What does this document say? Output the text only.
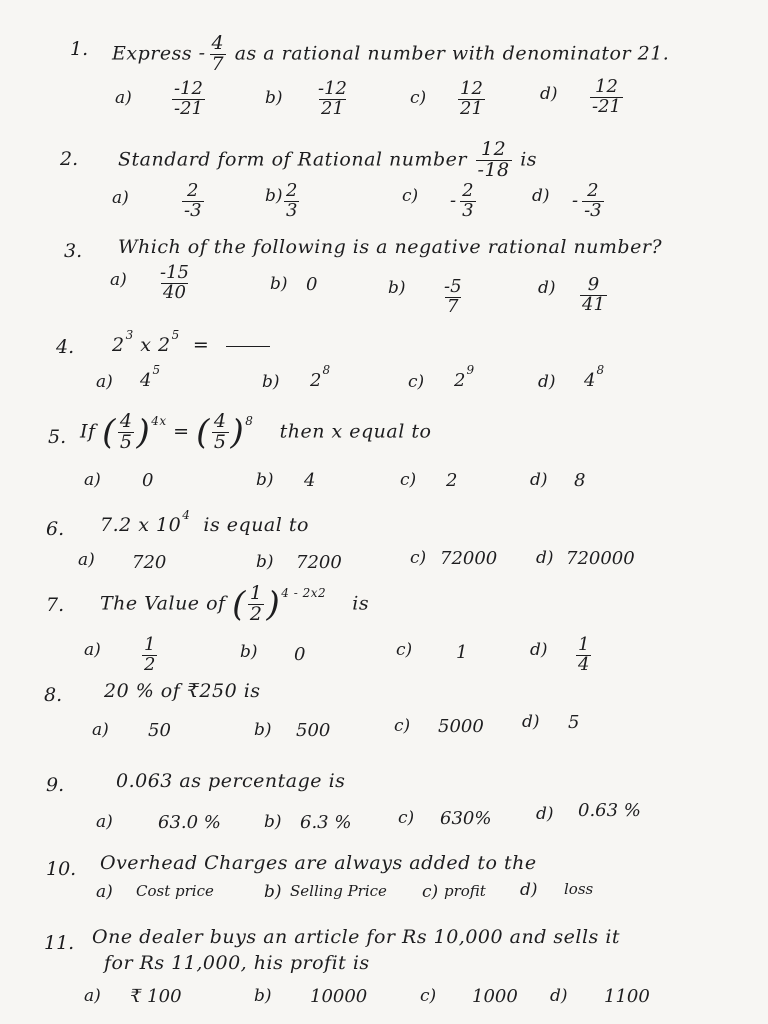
1. Express - $\frac{4}{7}$ as a rational number with denominator 21.
$a) \frac{-12}{-21}$	$b) \frac{-12}{21}$	$c) \frac{12}{21}$	$d) \frac{12}{-21}$
2. Standard form of Rational number $\frac{12}{-18}$ is
a)	$\frac{2}{-3}$	$b) \frac{2}{3}$	$c) - \frac{2}{3}$	$d) - \frac{2}{-3}$
3. Which of the following is a negative rational number?
$a) \frac{-15}{40}$	b) 0	$b) \frac{-5}{7}$	$d) \frac{9}{41}$
4. $2^3$ x $2^5$ =
a) $4^5$
b) $2^8$
c) $2^9$
d) $4^8$
5. If ( $\frac{4}{5} )^{4x}$ = ( $\frac{4}{5} )^8$ then x equal to
a) 0	b) 4	c) 2	d) 8
6. 7.2 x $10^4$ is equal to
a) 720	b) 7200	c) 72000 d) 720000
7. The Value of ( $\frac{1}{2} )^{4 - 2x2}$ is
$a) \frac{1}{2}$	b) 0	c) 1	$d) \frac{1}{4}$
8. 20 % of ₹250 is
a) 50	b) 500	c) 5000 d) 5
9.	0.063 as percentage is
a)	63.0 %	b) 6.3 %	c) 630%	d) 0.63 %
10. Overhead Charges are always added to the
a) Cost price	b) Selling Price c) profit d) loss
11. One dealer buys an article for Rs 10,000 and sells it
for Rs 11,000, his profit is
a) ₹ 100	b) 10000	c) 1000 d) 1100
